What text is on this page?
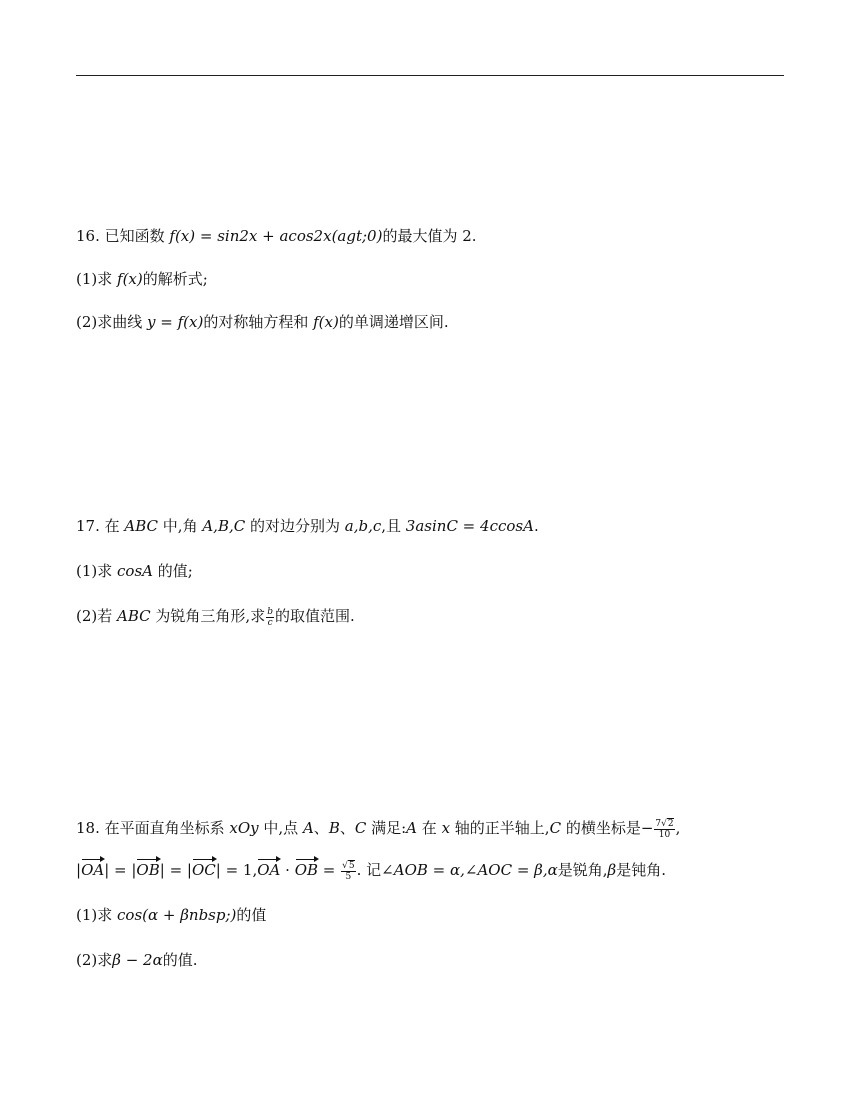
16. 已知函数 f(x) = sin2x + acos2x(agt;0)的最大值为 2.
(1)求 f(x)的解析式;
(2)求曲线 y = f(x)的对称轴方程和 f(x)的单调递增区间.
17. 在 ABC 中,角 A,B,C 的对边分别为 a,b,c,且 3asinC = 4ccosA.
(1)求 cosA 的值;
(2)若 ABC 为锐角三角形,求 $\frac{b}{c}$ 的取值范围.
18. 在平面直角坐标系 xOy 中,点 A、B、C 满足:A 在 x 轴的正半轴上,C 的横坐标是− $\frac{7√2}{10}$ ,
|OA| = |OB| = |OC| = 1,OA · OB = $\frac{√5}{5}$ . 记∠AOB = α,∠AOC = β,α是锐角,β是钝角.
(1)求 cos(α + βnbsp;)的值
(2)求β − 2α的值.
